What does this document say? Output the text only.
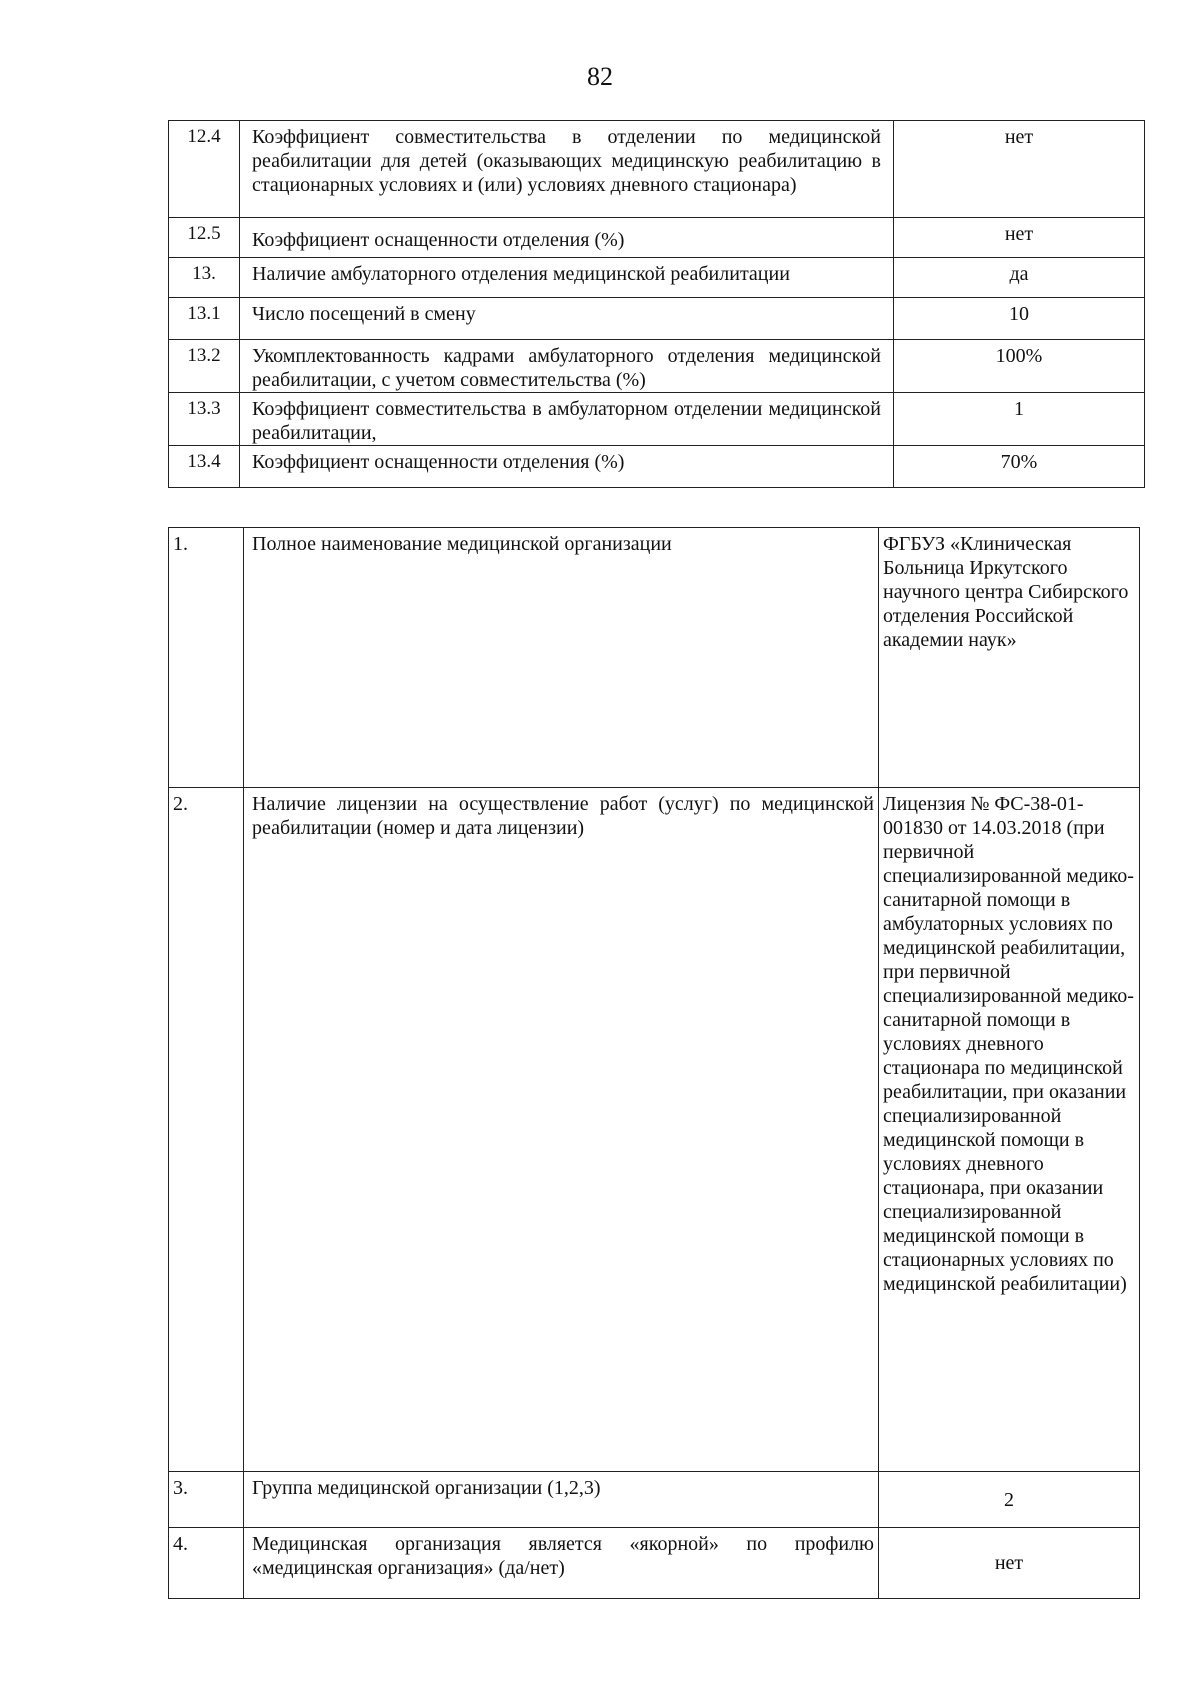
82
12.4	Коэффициент совместительства в отделении по медицинской реабилитации для детей (оказывающих медицинскую реабилитацию в стационарных условиях и (или) условиях дневного стационара)	нет
12.5	Коэффициент оснащенности отделения (%)	нет
13.	Наличие амбулаторного отделения медицинской реабилитации	да
13.1	Число посещений в смену	10
13.2	Укомплектованность кадрами амбулаторного отделения медицинской реабилитации, с учетом совместительства (%)	100%
13.3	Коэффициент совместительства в амбулаторном отделении медицинской реабилитации,	1
13.4	Коэффициент оснащенности отделения (%)	70%
1.	Полное наименование медицинской организации	ФГБУЗ «Клиническая Больница Иркутского научного центра Сибирского отделения Российской академии наук»
2.	Наличие лицензии на осуществление работ (услуг) по медицинской реабилитации (номер и дата лицензии)	Лицензия № ФС-38-01-001830 от 14.03.2018 (при первичной специализированной медико-санитарной помощи в амбулаторных условиях по медицинской реабилитации, при первичной специализированной медико-санитарной помощи в условиях дневного стационара по медицинской реабилитации, при оказании специализированной медицинской помощи в условиях дневного стационара, при оказании специализированной медицинской помощи в стационарных условиях по медицинской реабилитации)
3.	Группа медицинской организации (1,2,3)	2
4.	Медицинская организация является «якорной» по профилю «медицинская организация» (да/нет)	нет
